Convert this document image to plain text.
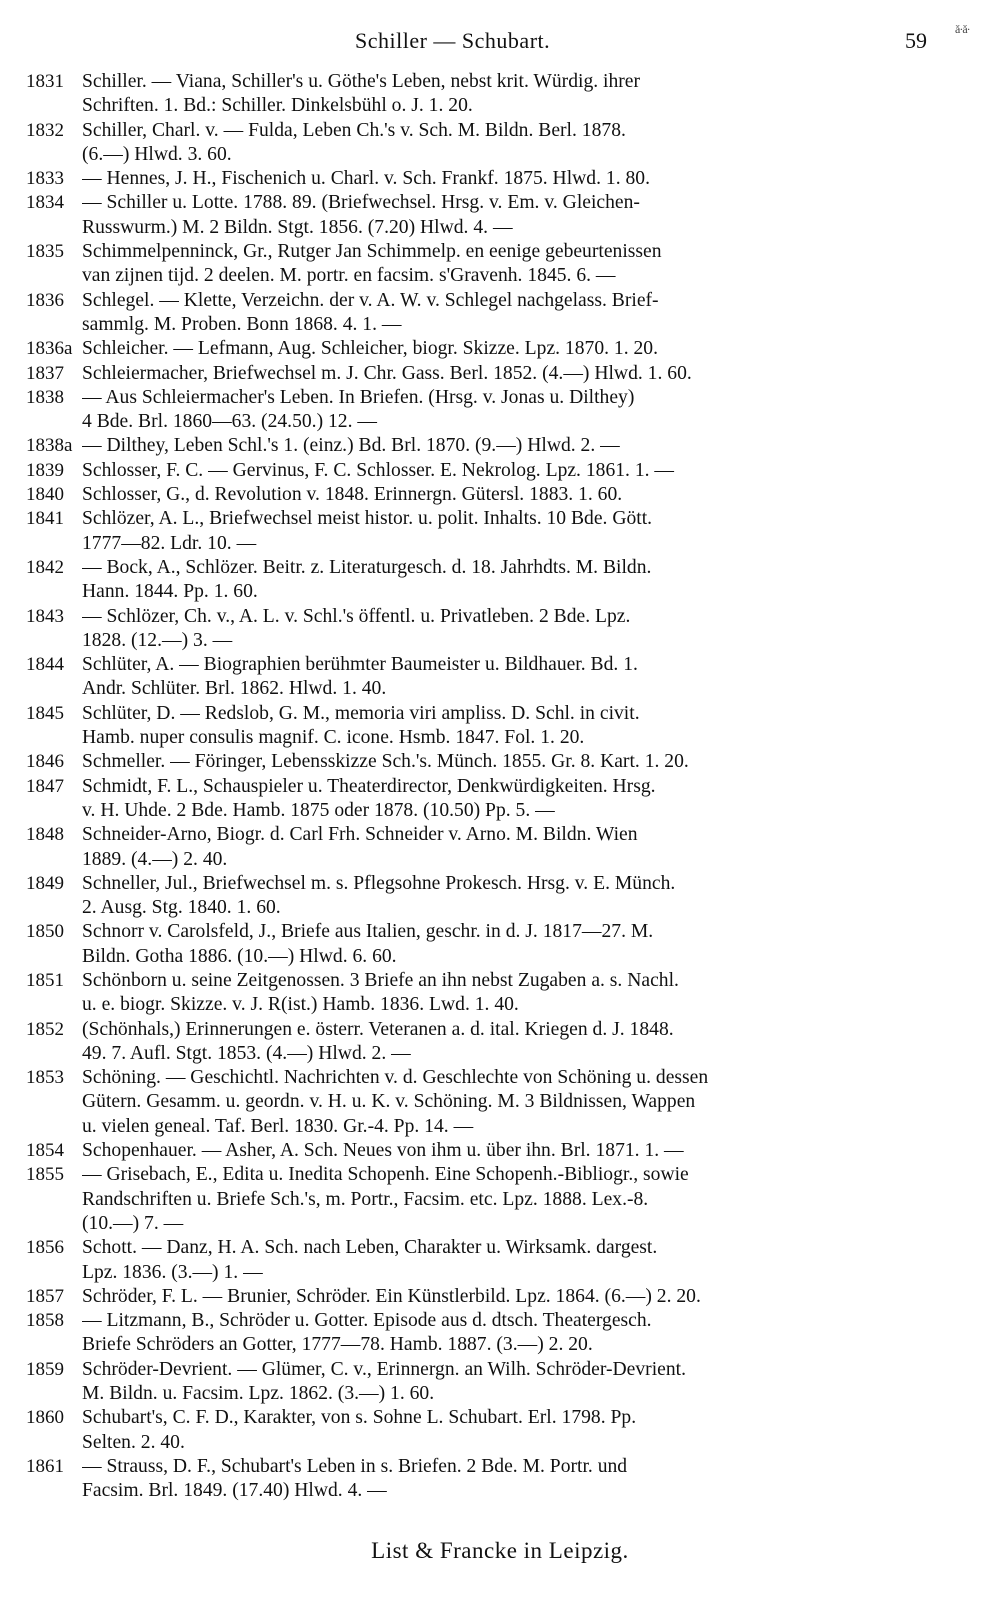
Schiller — Schubart.	59 ǎ·ǎ·
1831 Schiller. — Viana, Schiller's u. Göthe's Leben, nebst krit. Würdig. ihrer
Schriften. 1. Bd.: Schiller. Dinkelsbühl o. J. 1. 20.
1832 Schiller, Charl. v. — Fulda, Leben Ch.'s v. Sch. M. Bildn. Berl. 1878.
(6.—) Hlwd. 3. 60.
1833 — Hennes, J. H., Fischenich u. Charl. v. Sch. Frankf. 1875. Hlwd. 1. 80.
1834 — Schiller u. Lotte. 1788. 89. (Briefwechsel. Hrsg. v. Em. v. Gleichen-
Russwurm.) M. 2 Bildn. Stgt. 1856. (7.20) Hlwd. 4. —
1835 Schimmelpenninck, Gr., Rutger Jan Schimmelp. en eenige gebeurtenissen
van zijnen tijd. 2 deelen. M. portr. en facsim. s'Gravenh. 1845. 6. —
1836 Schlegel. — Klette, Verzeichn. der v. A. W. v. Schlegel nachgelass. Brief-
sammlg. M. Proben. Bonn 1868. 4. 1. —
1836a Schleicher. — Lefmann, Aug. Schleicher, biogr. Skizze. Lpz. 1870. 1. 20.
1837 Schleiermacher, Briefwechsel m. J. Chr. Gass. Berl. 1852. (4.—) Hlwd. 1. 60.
1838 — Aus Schleiermacher's Leben. In Briefen. (Hrsg. v. Jonas u. Dilthey)
4 Bde. Brl. 1860—63. (24.50.) 12. —
1838a — Dilthey, Leben Schl.'s 1. (einz.) Bd. Brl. 1870. (9.—) Hlwd. 2. —
1839 Schlosser, F. C. — Gervinus, F. C. Schlosser. E. Nekrolog. Lpz. 1861. 1. —
1840 Schlosser, G., d. Revolution v. 1848. Erinnergn. Gütersl. 1883. 1. 60.
1841 Schlözer, A. L., Briefwechsel meist histor. u. polit. Inhalts. 10 Bde. Gött.
1777—82. Ldr. 10. —
1842 — Bock, A., Schlözer. Beitr. z. Literaturgesch. d. 18. Jahrhdts. M. Bildn.
Hann. 1844. Pp. 1. 60.
1843 — Schlözer, Ch. v., A. L. v. Schl.'s öffentl. u. Privatleben. 2 Bde. Lpz.
1828. (12.—) 3. —
1844 Schlüter, A. — Biographien berühmter Baumeister u. Bildhauer. Bd. 1.
Andr. Schlüter. Brl. 1862. Hlwd. 1. 40.
1845 Schlüter, D. — Redslob, G. M., memoria viri ampliss. D. Schl. in civit.
Hamb. nuper consulis magnif. C. icone. Hsmb. 1847. Fol. 1. 20.
1846 Schmeller. — Föringer, Lebensskizze Sch.'s. Münch. 1855. Gr. 8. Kart. 1. 20.
1847 Schmidt, F. L., Schauspieler u. Theaterdirector, Denkwürdigkeiten. Hrsg.
v. H. Uhde. 2 Bde. Hamb. 1875 oder 1878. (10.50) Pp. 5. —
1848 Schneider-Arno, Biogr. d. Carl Frh. Schneider v. Arno. M. Bildn. Wien
1889. (4.—) 2. 40.
1849 Schneller, Jul., Briefwechsel m. s. Pflegsohne Prokesch. Hrsg. v. E. Münch.
2. Ausg. Stg. 1840. 1. 60.
1850 Schnorr v. Carolsfeld, J., Briefe aus Italien, geschr. in d. J. 1817—27. M.
Bildn. Gotha 1886. (10.—) Hlwd. 6. 60.
1851 Schönborn u. seine Zeitgenossen. 3 Briefe an ihn nebst Zugaben a. s. Nachl.
u. e. biogr. Skizze. v. J. R(ist.) Hamb. 1836. Lwd. 1. 40.
1852 (Schönhals,) Erinnerungen e. österr. Veteranen a. d. ital. Kriegen d. J. 1848.
49. 7. Aufl. Stgt. 1853. (4.—) Hlwd. 2. —
1853 Schöning. — Geschichtl. Nachrichten v. d. Geschlechte von Schöning u. dessen
Gütern. Gesamm. u. geordn. v. H. u. K. v. Schöning. M. 3 Bildnissen, Wappen
u. vielen geneal. Taf. Berl. 1830. Gr.-4. Pp. 14. —
1854 Schopenhauer. — Asher, A. Sch. Neues von ihm u. über ihn. Brl. 1871. 1. —
1855 — Grisebach, E., Edita u. Inedita Schopenh. Eine Schopenh.-Bibliogr., sowie
Randschriften u. Briefe Sch.'s, m. Portr., Facsim. etc. Lpz. 1888. Lex.-8.
(10.—) 7. —
1856 Schott. — Danz, H. A. Sch. nach Leben, Charakter u. Wirksamk. dargest.
Lpz. 1836. (3.—) 1. —
1857 Schröder, F. L. — Brunier, Schröder. Ein Künstlerbild. Lpz. 1864. (6.—) 2. 20.
1858 — Litzmann, B., Schröder u. Gotter. Episode aus d. dtsch. Theatergesch.
Briefe Schröders an Gotter, 1777—78. Hamb. 1887. (3.—) 2. 20.
1859 Schröder-Devrient. — Glümer, C. v., Erinnergn. an Wilh. Schröder-Devrient.
M. Bildn. u. Facsim. Lpz. 1862. (3.—) 1. 60.
1860 Schubart's, C. F. D., Karakter, von s. Sohne L. Schubart. Erl. 1798. Pp.
Selten. 2. 40.
1861 — Strauss, D. F., Schubart's Leben in s. Briefen. 2 Bde. M. Portr. und
Facsim. Brl. 1849. (17.40) Hlwd. 4. —
List & Francke in Leipzig.
